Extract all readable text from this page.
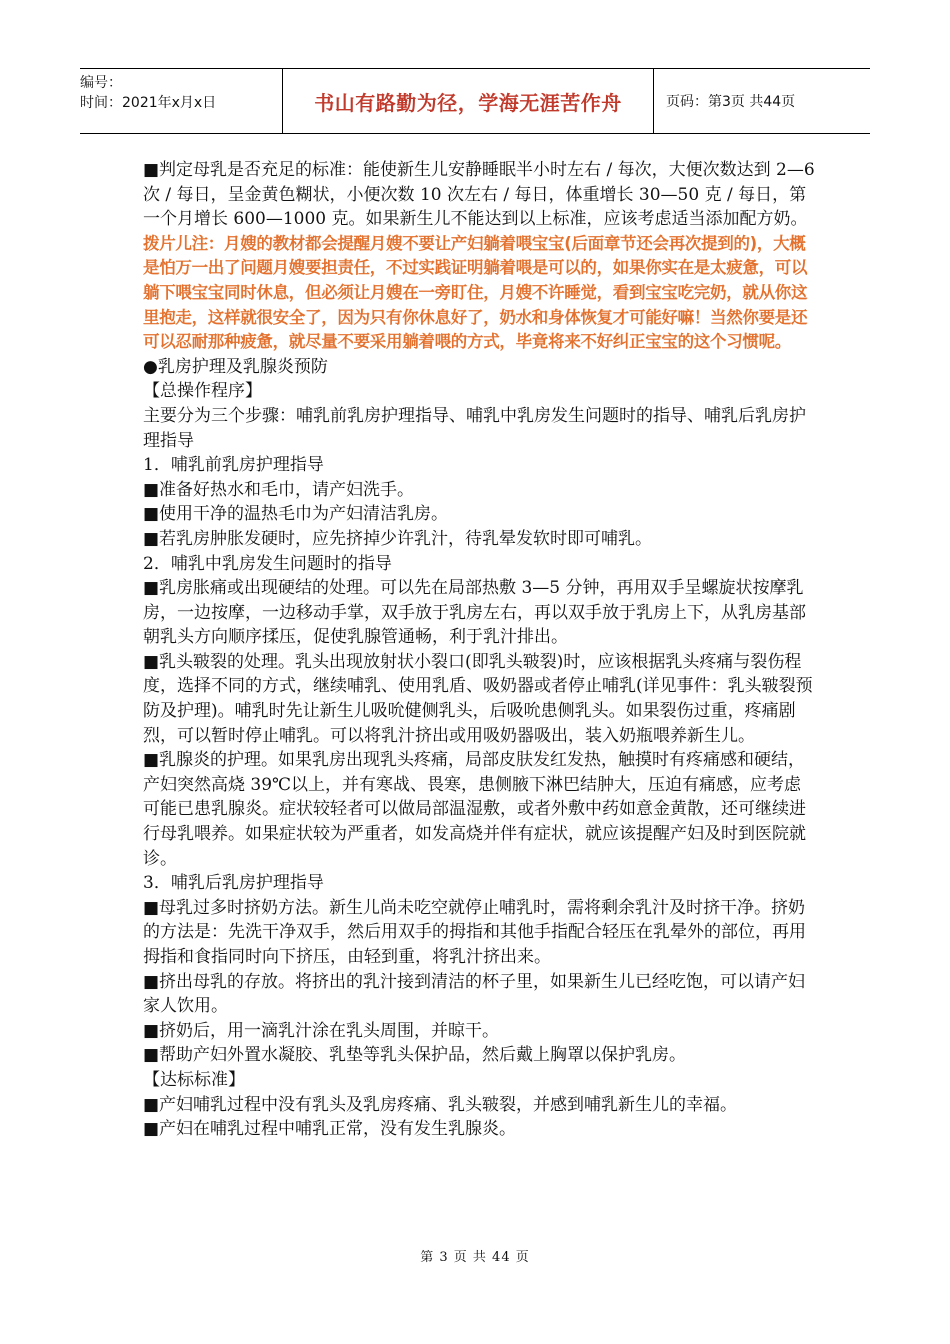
编号：
时间：2021年x月x日	书山有路勤为径，学海无涯苦作舟	页码：第3页 共44页

■判定母乳是否充足的标准：能使新生儿安静睡眠半小时左右 / 每次，大便次数达到 2—6 次 / 每日，呈金黄色糊状，小便次数 10 次左右 / 每日，体重增长 30—50 克 / 每日，第一个月增长 600—1000 克。如果新生儿不能达到以上标准，应该考虑适当添加配方奶。

拨片儿注：月嫂的教材都会提醒月嫂不要让产妇躺着喂宝宝(后面章节还会再次提到的)，大概是怕万一出了问题月嫂要担责任，不过实践证明躺着喂是可以的，如果你实在是太疲惫，可以躺下喂宝宝同时休息，但必须让月嫂在一旁盯住，月嫂不许睡觉，看到宝宝吃完奶，就从你这里抱走，这样就很安全了，因为只有你休息好了，奶水和身体恢复才可能好嘛！当然你要是还可以忍耐那种疲惫，就尽量不要采用躺着喂的方式，毕竟将来不好纠正宝宝的这个习惯呢。

●乳房护理及乳腺炎预防

【总操作程序】

主要分为三个步骤：哺乳前乳房护理指导、哺乳中乳房发生问题时的指导、哺乳后乳房护理指导

1．哺乳前乳房护理指导

■准备好热水和毛巾，请产妇洗手。

■使用干净的温热毛巾为产妇清洁乳房。

■若乳房肿胀发硬时，应先挤掉少许乳汁，待乳晕发软时即可哺乳。

2．哺乳中乳房发生问题时的指导

■乳房胀痛或出现硬结的处理。可以先在局部热敷 3—5 分钟，再用双手呈螺旋状按摩乳房，一边按摩，一边移动手掌，双手放于乳房左右，再以双手放于乳房上下，从乳房基部朝乳头方向顺序揉压，促使乳腺管通畅，利于乳汁排出。

■乳头皲裂的处理。乳头出现放射状小裂口(即乳头皲裂)时，应该根据乳头疼痛与裂伤程度，选择不同的方式，继续哺乳、使用乳盾、吸奶器或者停止哺乳(详见事件：乳头皲裂预防及护理)。哺乳时先让新生儿吸吮健侧乳头，后吸吮患侧乳头。如果裂伤过重，疼痛剧烈，可以暂时停止哺乳。可以将乳汁挤出或用吸奶器吸出，装入奶瓶喂养新生儿。

■乳腺炎的护理。如果乳房出现乳头疼痛，局部皮肤发红发热，触摸时有疼痛感和硬结，产妇突然高烧 39℃以上，并有寒战、畏寒，患侧腋下淋巴结肿大，压迫有痛感，应考虑可能已患乳腺炎。症状较轻者可以做局部温湿敷，或者外敷中药如意金黄散，还可继续进行母乳喂养。如果症状较为严重者，如发高烧并伴有症状，就应该提醒产妇及时到医院就诊。

3．哺乳后乳房护理指导

■母乳过多时挤奶方法。新生儿尚未吃空就停止哺乳时，需将剩余乳汁及时挤干净。挤奶的方法是：先洗干净双手，然后用双手的拇指和其他手指配合轻压在乳晕外的部位，再用拇指和食指同时向下挤压，由轻到重，将乳汁挤出来。

■挤出母乳的存放。将挤出的乳汁接到清洁的杯子里，如果新生儿已经吃饱，可以请产妇家人饮用。

■挤奶后，用一滴乳汁涂在乳头周围，并晾干。

■帮助产妇外置水凝胶、乳垫等乳头保护品，然后戴上胸罩以保护乳房。

【达标标准】

■产妇哺乳过程中没有乳头及乳房疼痛、乳头皲裂，并感到哺乳新生儿的幸福。

■产妇在哺乳过程中哺乳正常，没有发生乳腺炎。

第 3 页 共 44 页
